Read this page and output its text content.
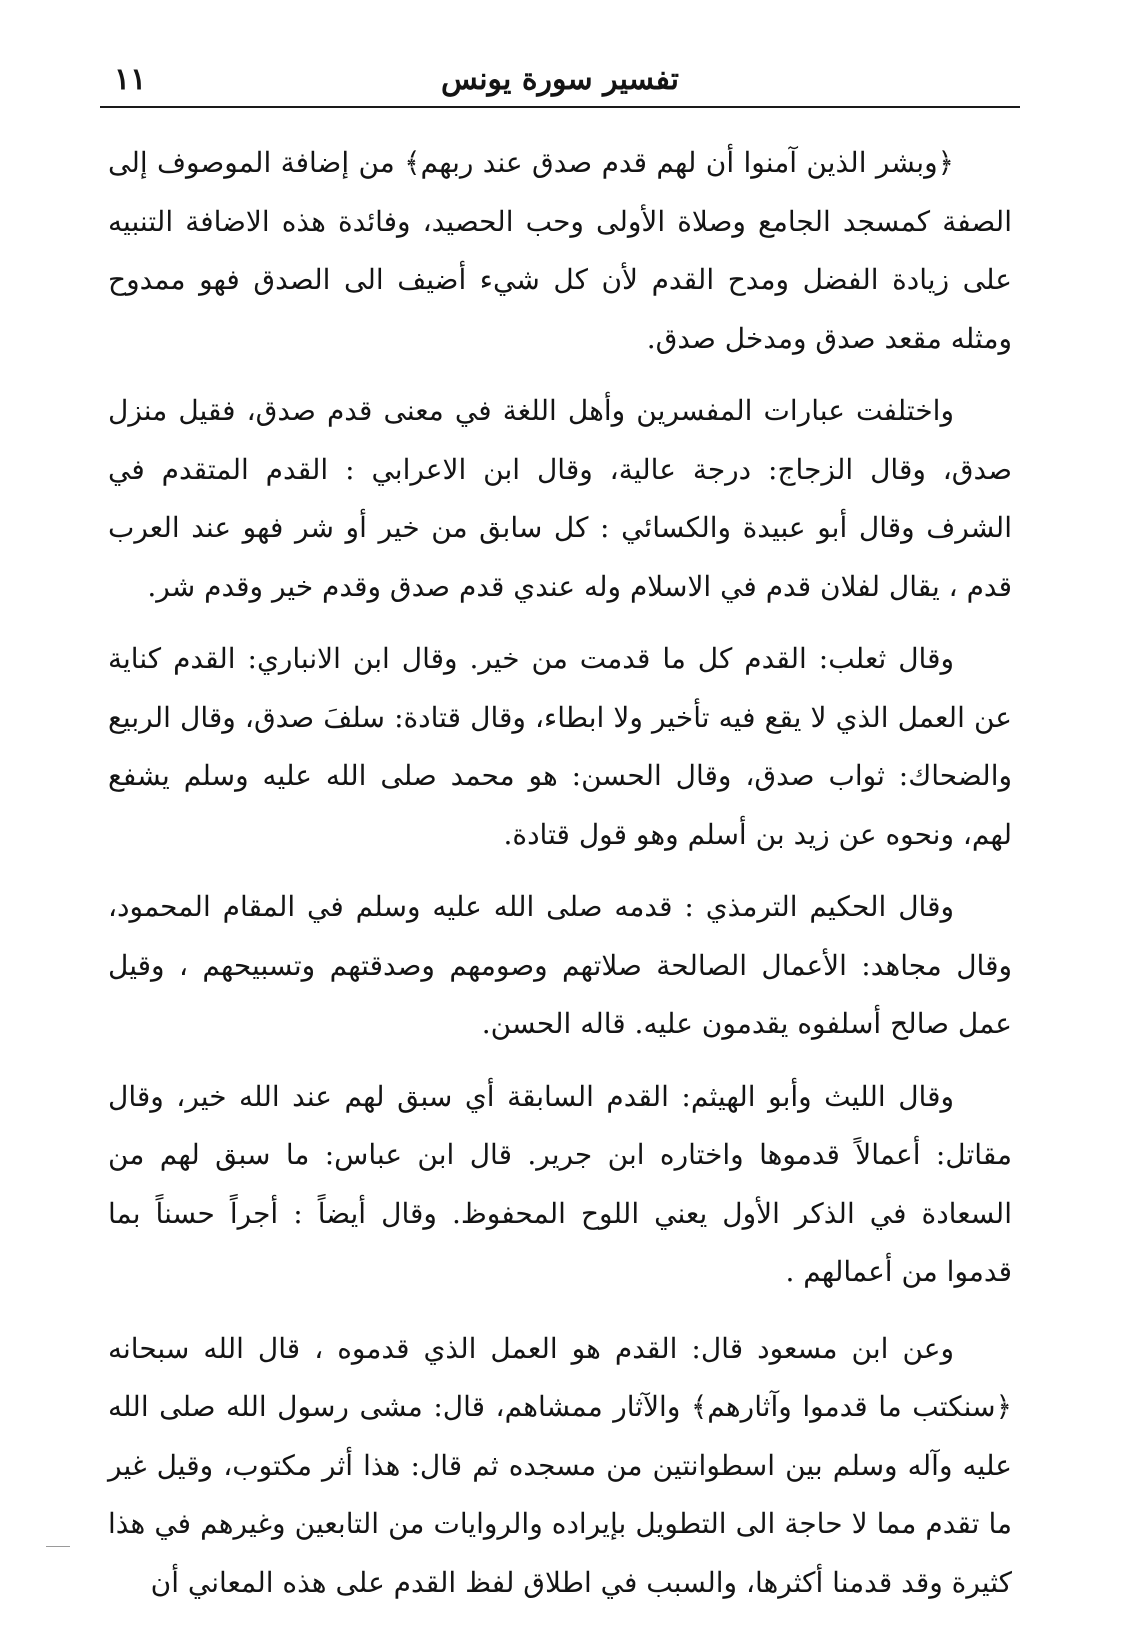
١١	تفسير سورة يونس

﴿وبشر الذين آمنوا أن لهم قدم صدق عند ربهم﴾ من إضافة الموصوف إلى الصفة كمسجد الجامع وصلاة الأولى وحب الحصيد، وفائدة هذه الاضافة التنبيه على زيادة الفضل ومدح القدم لأن كل شيء أضيف الى الصدق فهو ممدوح ومثله مقعد صدق ومدخل صدق.

واختلفت عبارات المفسرين وأهل اللغة في معنى قدم صدق، فقيل منزل صدق، وقال الزجاج: درجة عالية، وقال ابن الاعرابي : القدم المتقدم في الشرف وقال أبو عبيدة والكسائي : كل سابق من خير أو شر فهو عند العرب قدم ، يقال لفلان قدم في الاسلام وله عندي قدم صدق وقدم خير وقدم شر.

وقال ثعلب: القدم كل ما قدمت من خير. وقال ابن الانباري: القدم كناية عن العمل الذي لا يقع فيه تأخير ولا ابطاء، وقال قتادة: سلفَ صدق، وقال الربيع والضحاك: ثواب صدق، وقال الحسن: هو محمد صلى الله عليه وسلم يشفع لهم، ونحوه عن زيد بن أسلم وهو قول قتادة.

وقال الحكيم الترمذي : قدمه صلى الله عليه وسلم في المقام المحمود، وقال مجاهد: الأعمال الصالحة صلاتهم وصومهم وصدقتهم وتسبيحهم ، وقيل عمل صالح أسلفوه يقدمون عليه. قاله الحسن.

وقال الليث وأبو الهيثم: القدم السابقة أي سبق لهم عند الله خير، وقال مقاتل: أعمالاً قدموها واختاره ابن جرير. قال ابن عباس: ما سبق لهم من السعادة في الذكر الأول يعني اللوح المحفوظ. وقال أيضاً : أجراً حسناً بما قدموا من أعمالهم .

وعن ابن مسعود قال: القدم هو العمل الذي قدموه ، قال الله سبحانه ﴿سنكتب ما قدموا وآثارهم﴾ والآثار ممشاهم، قال: مشى رسول الله صلى الله عليه وآله وسلم بين اسطوانتين من مسجده ثم قال: هذا أثر مكتوب، وقيل غير ما تقدم مما لا حاجة الى التطويل بإيراده والروايات من التابعين وغيرهم في هذا كثيرة وقد قدمنا أكثرها، والسبب في اطلاق لفظ القدم على هذه المعاني أن
